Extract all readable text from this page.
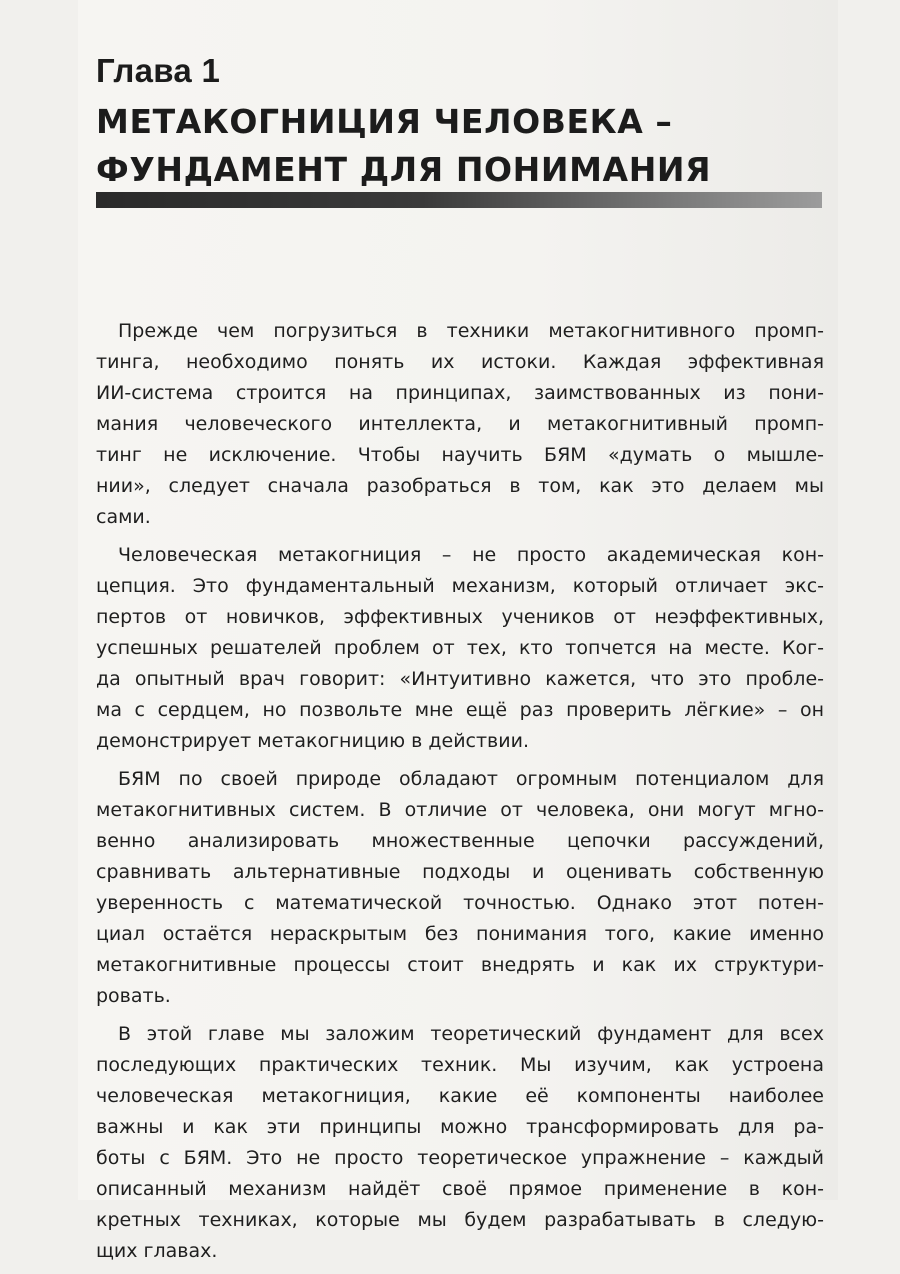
Глава 1
МЕТАКОГНИЦИЯ ЧЕЛОВЕКА –
ФУНДАМЕНТ ДЛЯ ПОНИМАНИЯ
Прежде чем погрузиться в техники метакогнитивного промп-
тинга, необходимо понять их истоки. Каждая эффективная
ИИ-система строится на принципах, заимствованных из пони-
мания человеческого интеллекта, и метакогнитивный промп-
тинг не исключение. Чтобы научить БЯМ «думать о мышле-
нии», следует сначала разобраться в том, как это делаем мы
сами.
Человеческая метакогниция – не просто академическая кон-
цепция. Это фундаментальный механизм, который отличает экс-
пертов от новичков, эффективных учеников от неэффективных,
успешных решателей проблем от тех, кто топчется на месте. Ког-
да опытный врач говорит: «Интуитивно кажется, что это пробле-
ма с сердцем, но позвольте мне ещё раз проверить лёгкие» – он
демонстрирует метакогницию в действии.
БЯМ по своей природе обладают огромным потенциалом для
метакогнитивных систем. В отличие от человека, они могут мгно-
венно анализировать множественные цепочки рассуждений,
сравнивать альтернативные подходы и оценивать собственную
уверенность с математической точностью. Однако этот потен-
циал остаётся нераскрытым без понимания того, какие именно
метакогнитивные процессы стоит внедрять и как их структури-
ровать.
В этой главе мы заложим теоретический фундамент для всех
последующих практических техник. Мы изучим, как устроена
человеческая метакогниция, какие её компоненты наиболее
важны и как эти принципы можно трансформировать для ра-
боты с БЯМ. Это не просто теоретическое упражнение – каждый
описанный механизм найдёт своё прямое применение в кон-
кретных техниках, которые мы будем разрабатывать в следую-
щих главах.
